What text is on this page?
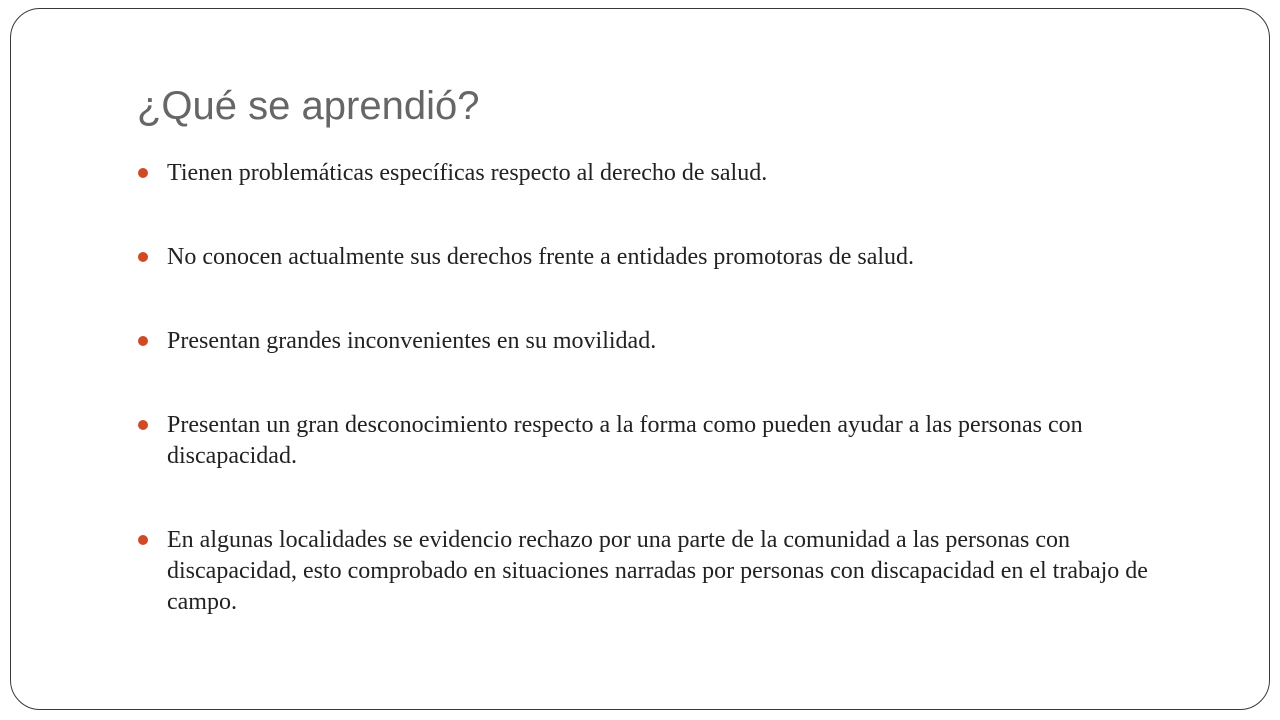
¿Qué se aprendió?
Tienen problemáticas específicas respecto al derecho de salud.
No conocen actualmente sus derechos frente a entidades promotoras de salud.
Presentan grandes inconvenientes en su movilidad.
Presentan un gran desconocimiento respecto a la forma como pueden ayudar a las personas con discapacidad.
En algunas localidades se evidencio rechazo por una parte de la comunidad a las personas con discapacidad, esto comprobado en situaciones narradas por personas con discapacidad en el trabajo de campo.
